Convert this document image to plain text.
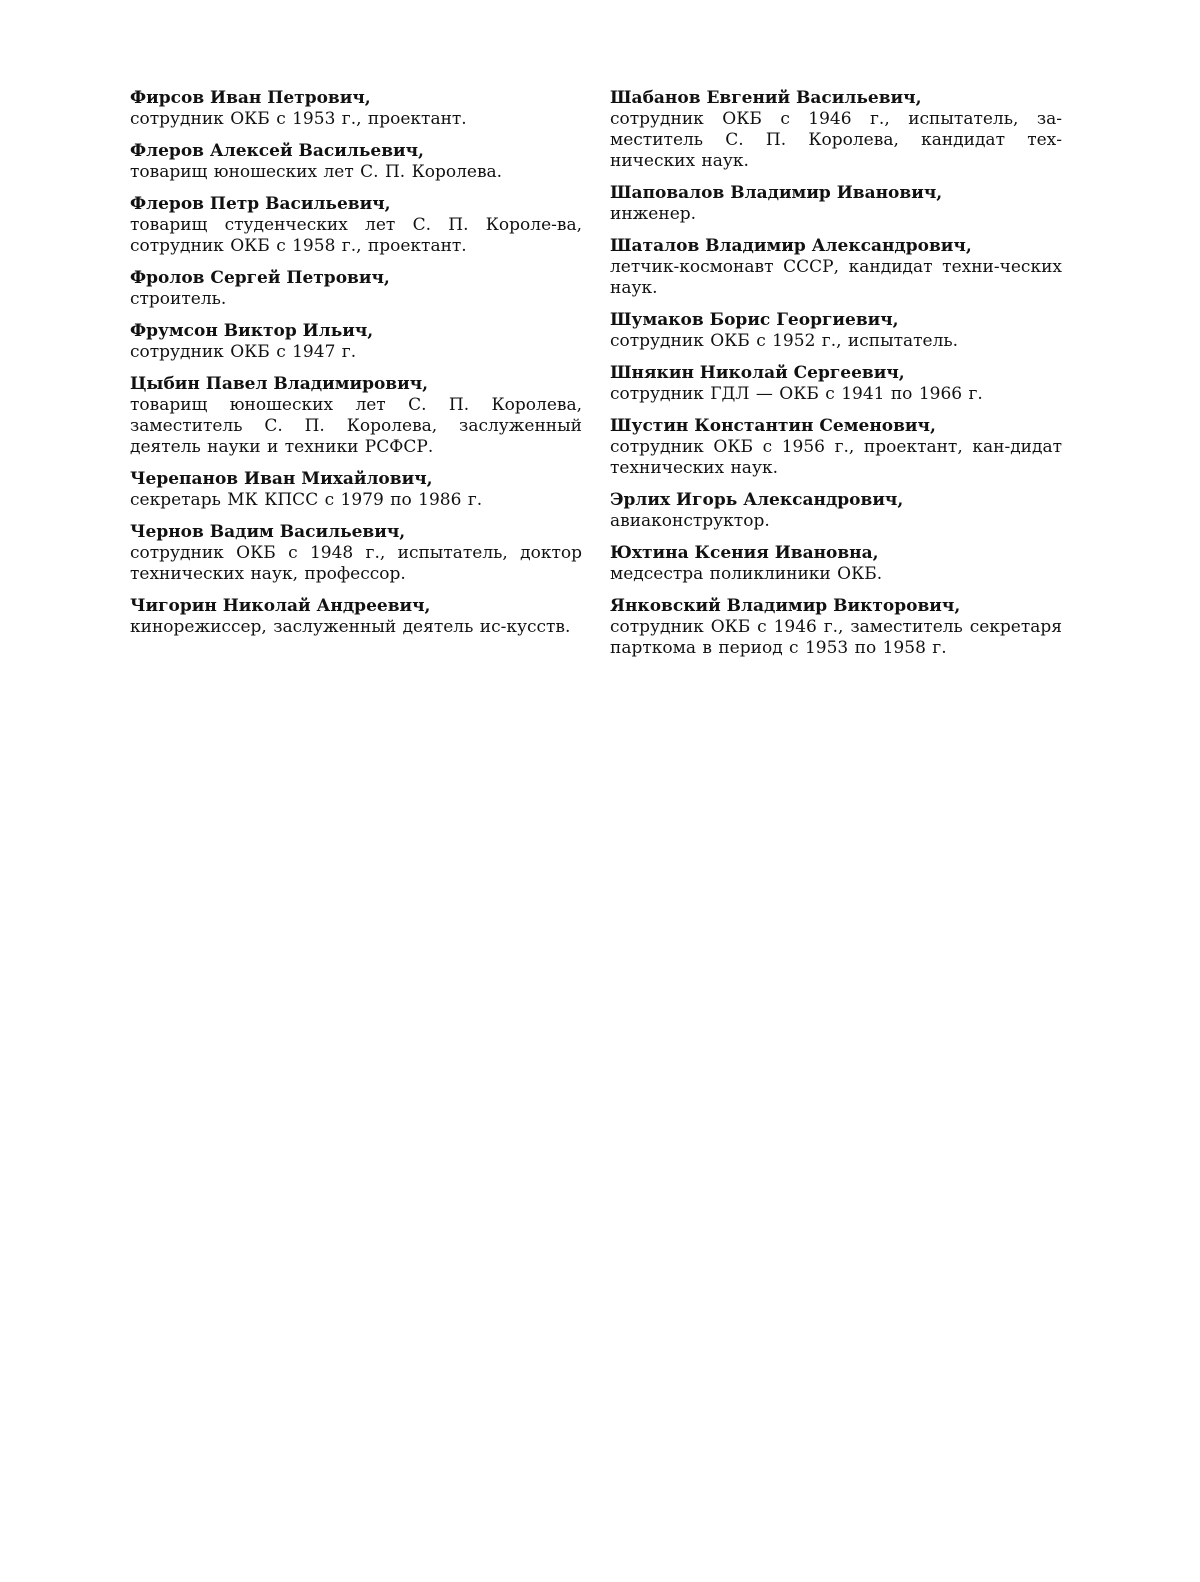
Фирсов Иван Петрович,
сотрудник ОКБ с 1953 г., проектант.
Флеров Алексей Васильевич,
товарищ юношеских лет С. П. Королева.
Флеров Петр Васильевич,
товарищ студенческих лет С. П. Короле-ва, сотрудник ОКБ с 1958 г., проектант.
Фролов Сергей Петрович,
строитель.
Фрумсон Виктор Ильич,
сотрудник ОКБ с 1947 г.
Цыбин Павел Владимирович,
товарищ юношеских лет С. П. Королева, заместитель С. П. Королева, заслуженный деятель науки и техники РСФСР.
Черепанов Иван Михайлович,
секретарь МК КПСС с 1979 по 1986 г.
Чернов Вадим Васильевич,
сотрудник ОКБ с 1948 г., испытатель, доктор технических наук, профессор.
Чигорин Николай Андреевич,
кинорежиссер, заслуженный деятель ис-кусств.
Шабанов Евгений Васильевич,
сотрудник ОКБ с 1946 г., испытатель, за-меститель С. П. Королева, кандидат тех-нических наук.
Шаповалов Владимир Иванович,
инженер.
Шаталов Владимир Александрович,
летчик-космонавт СССР, кандидат техни-ческих наук.
Шумаков Борис Георгиевич,
сотрудник ОКБ с 1952 г., испытатель.
Шнякин Николай Сергеевич,
сотрудник ГДЛ — ОКБ с 1941 по 1966 г.
Шустин Константин Семенович,
сотрудник ОКБ с 1956 г., проектант, кан-дидат технических наук.
Эрлих Игорь Александрович,
авиаконструктор.
Юхтина Ксения Ивановна,
медсестра поликлиники ОКБ.
Янковский Владимир Викторович,
сотрудник ОКБ с 1946 г., заместитель секретаря парткома в период с 1953 по 1958 г.
